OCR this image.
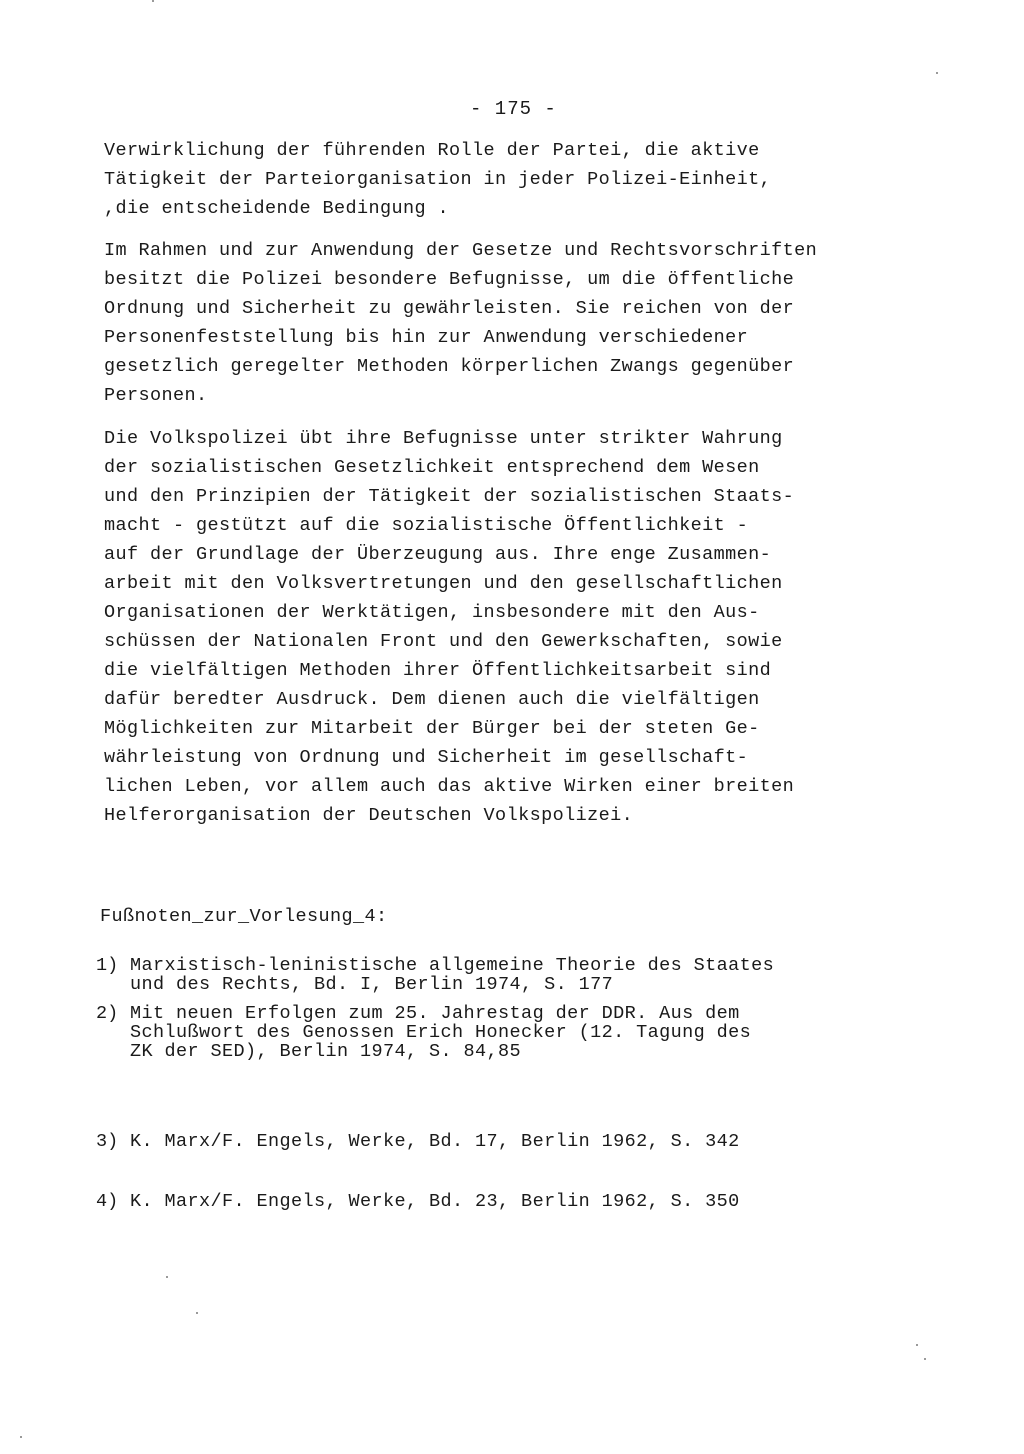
- 175 -
Verwirklichung der führenden Rolle der Partei, die aktive
Tätigkeit der Parteiorganisation in jeder Polizei-Einheit,
,die entscheidende Bedingung .
Im Rahmen und zur Anwendung der Gesetze und Rechtsvorschriften
besitzt die Polizei besondere Befugnisse, um die öffentliche
Ordnung und Sicherheit zu gewährleisten. Sie reichen von der
Personenfeststellung bis hin zur Anwendung verschiedener
gesetzlich geregelter Methoden körperlichen Zwangs gegenüber
Personen.
Die Volkspolizei übt ihre Befugnisse unter strikter Wahrung
der sozialistischen Gesetzlichkeit entsprechend dem Wesen
und den Prinzipien der Tätigkeit der sozialistischen Staats-
macht - gestützt auf die sozialistische Öffentlichkeit -
auf der Grundlage der Überzeugung aus. Ihre enge Zusammen-
arbeit mit den Volksvertretungen und den gesellschaftlichen
Organisationen der Werktätigen, insbesondere mit den Aus-
schüssen der Nationalen Front und den Gewerkschaften, sowie
die vielfältigen Methoden ihrer Öffentlichkeitsarbeit sind
dafür beredter Ausdruck. Dem dienen auch die vielfältigen
Möglichkeiten zur Mitarbeit der Bürger bei der steten Ge-
währleistung von Ordnung und Sicherheit im gesellschaft-
lichen Leben, vor allem auch das aktive Wirken einer breiten
Helferorganisation der Deutschen Volkspolizei.
Fußnoten_zur_Vorlesung_4:
1) Marxistisch-leninistische allgemeine Theorie des Staates
und des Rechts, Bd. I, Berlin 1974, S. 177
2) Mit neuen Erfolgen zum 25. Jahrestag der DDR. Aus dem
Schlußwort des Genossen Erich Honecker (12. Tagung des
ZK der SED), Berlin 1974, S. 84,85
3) K. Marx/F. Engels, Werke, Bd. 17, Berlin 1962, S. 342
4) K. Marx/F. Engels, Werke, Bd. 23, Berlin 1962, S. 350
